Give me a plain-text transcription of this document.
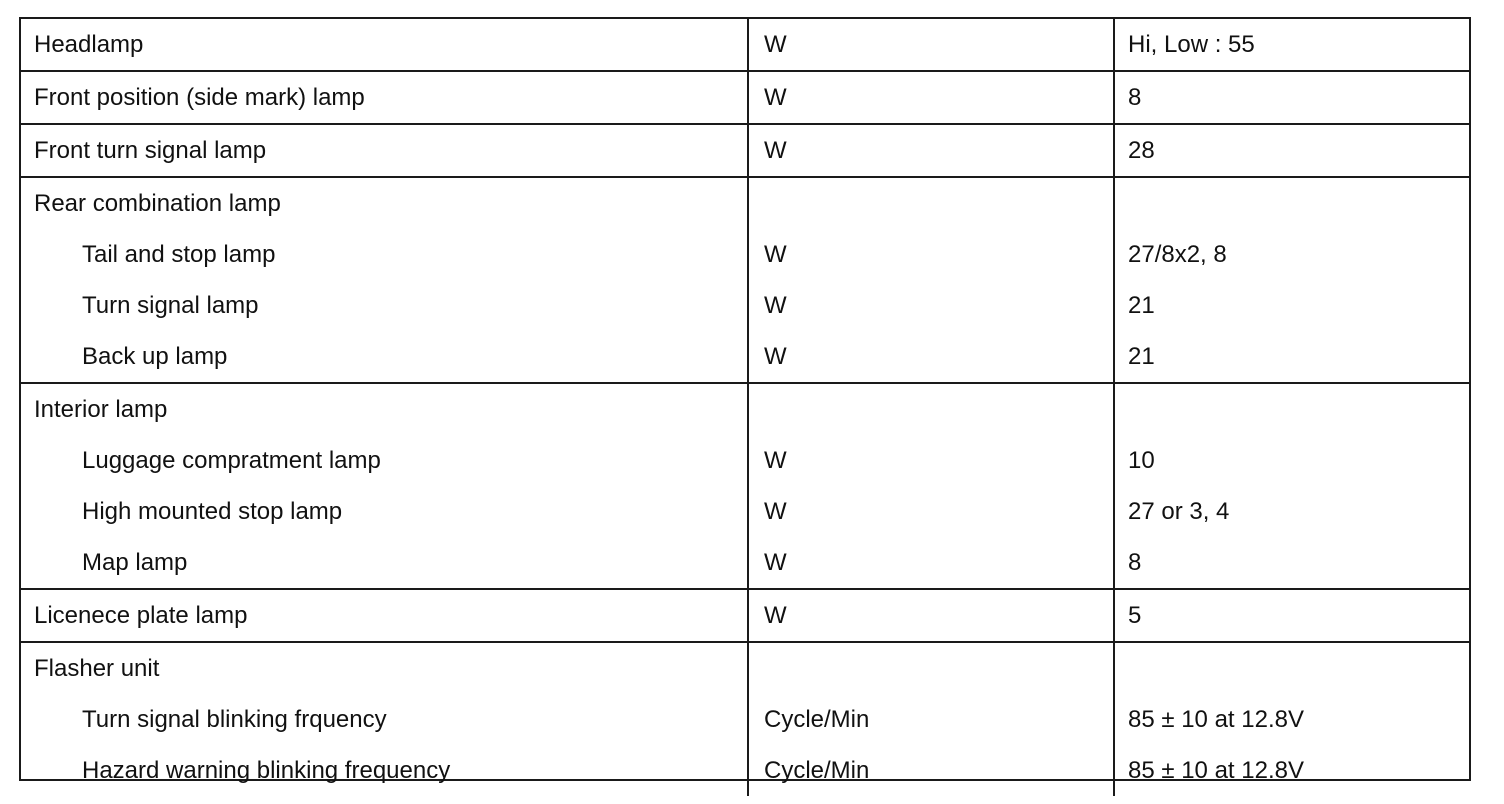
Headlamp	W	Hi, Low : 55
Front position (side mark) lamp	W	8
Front turn signal lamp	W	28
Rear combination lamp
Tail and stop lamp	W	27/8x2, 8
Turn signal lamp	W	21
Back up lamp	W	21
Interior lamp
Luggage compratment lamp	W	10
High mounted stop lamp	W	27 or 3, 4
Map lamp	W	8
Licenece plate lamp	W	5
Flasher unit
Turn signal blinking frquency	Cycle/Min	85 ± 10 at 12.8V
Hazard warning blinking frequency	Cycle/Min	85 ± 10 at 12.8V
